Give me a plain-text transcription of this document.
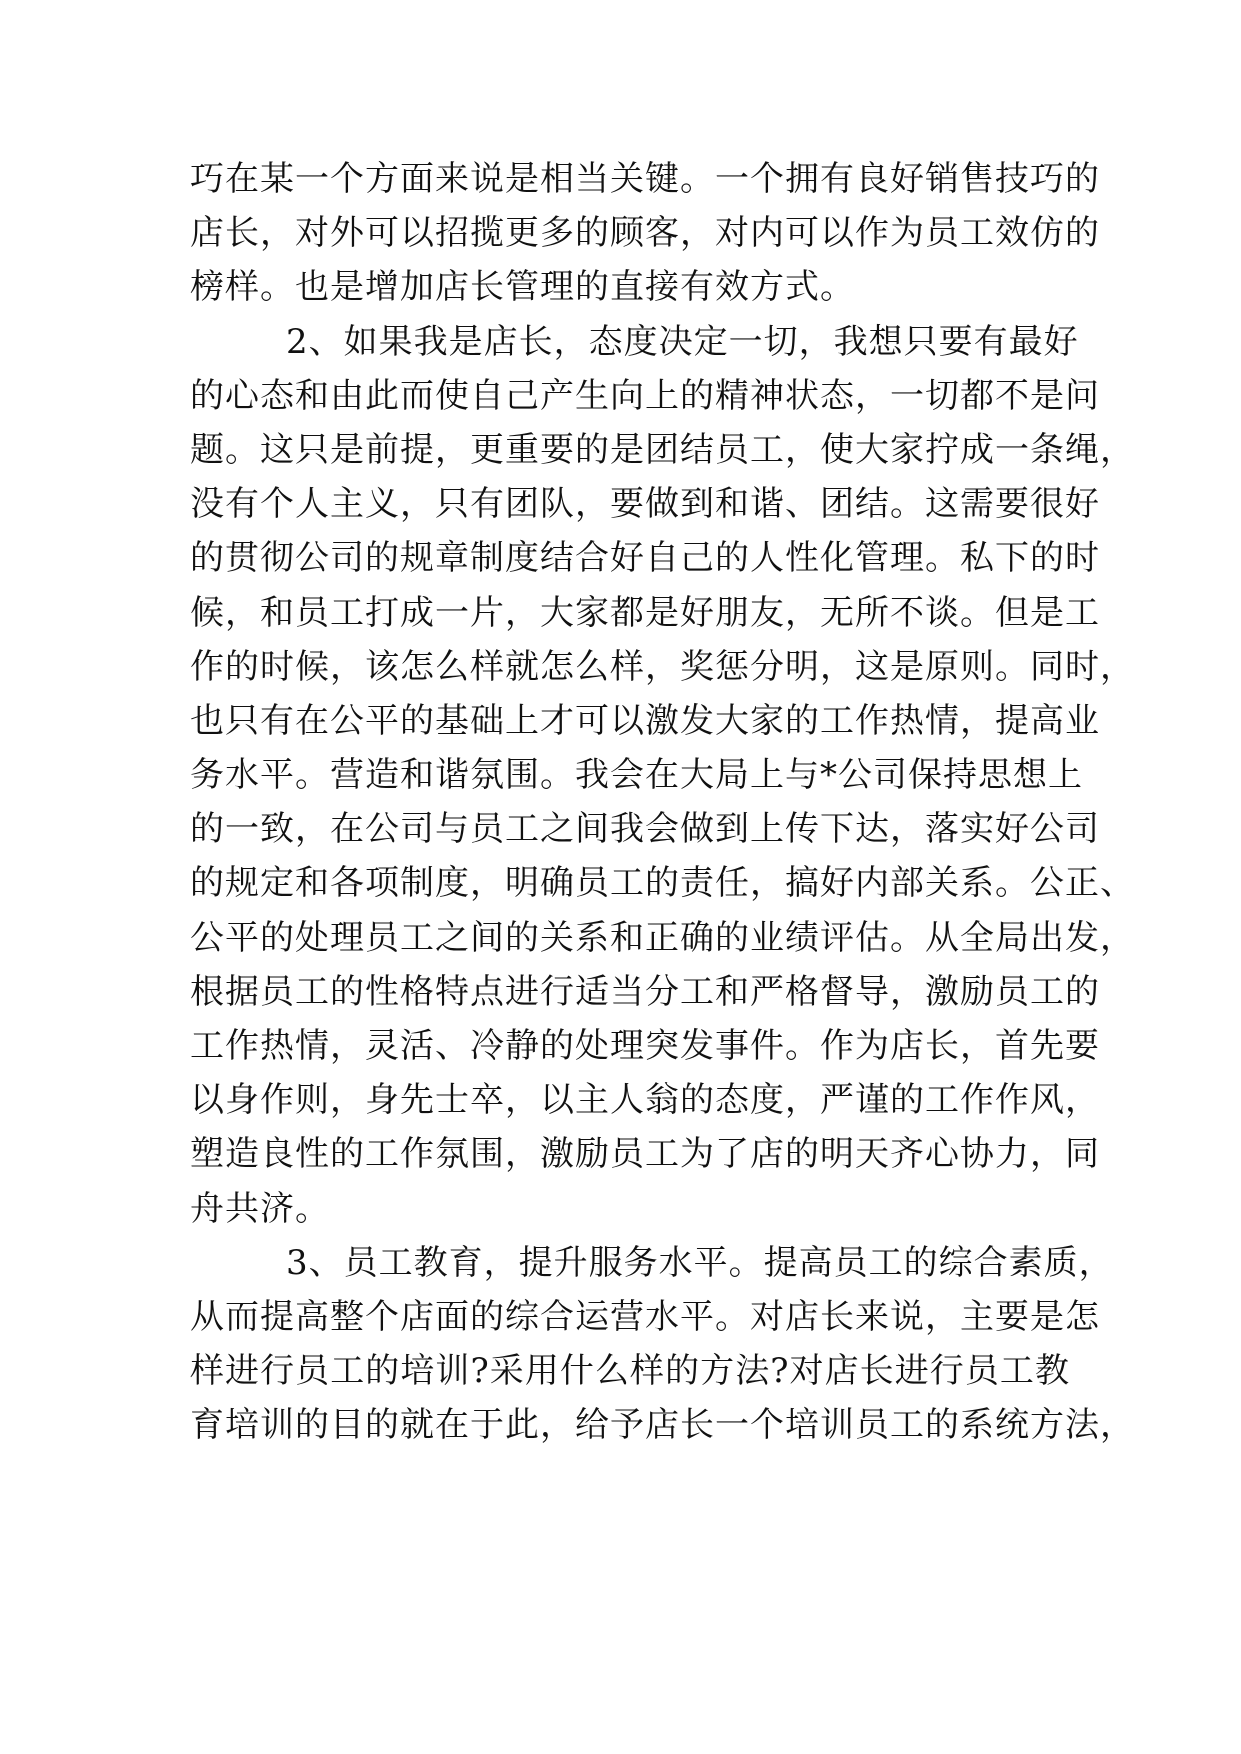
巧在某一个方面来说是相当关键。一个拥有良好销售技巧的
店长，对外可以招揽更多的顾客，对内可以作为员工效仿的
榜样。也是增加店长管理的直接有效方式。
2、如果我是店长，态度决定一切，我想只要有最好
的心态和由此而使自己产生向上的精神状态，一切都不是问
题。这只是前提，更重要的是团结员工，使大家拧成一条绳，
没有个人主义，只有团队，要做到和谐、团结。这需要很好
的贯彻公司的规章制度结合好自己的人性化管理。私下的时
候，和员工打成一片，大家都是好朋友，无所不谈。但是工
作的时候，该怎么样就怎么样，奖惩分明，这是原则。同时，
也只有在公平的基础上才可以激发大家的工作热情，提高业
务水平。营造和谐氛围。我会在大局上与*公司保持思想上
的一致，在公司与员工之间我会做到上传下达，落实好公司
的规定和各项制度，明确员工的责任，搞好内部关系。公正、
公平的处理员工之间的关系和正确的业绩评估。从全局出发，
根据员工的性格特点进行适当分工和严格督导，激励员工的
工作热情，灵活、冷静的处理突发事件。作为店长，首先要
以身作则，身先士卒，以主人翁的态度，严谨的工作作风，
塑造良性的工作氛围，激励员工为了店的明天齐心协力，同
舟共济。
3、员工教育，提升服务水平。提高员工的综合素质，
从而提高整个店面的综合运营水平。对店长来说，主要是怎
样进行员工的培训?采用什么样的方法?对店长进行员工教
育培训的目的就在于此，给予店长一个培训员工的系统方法，
